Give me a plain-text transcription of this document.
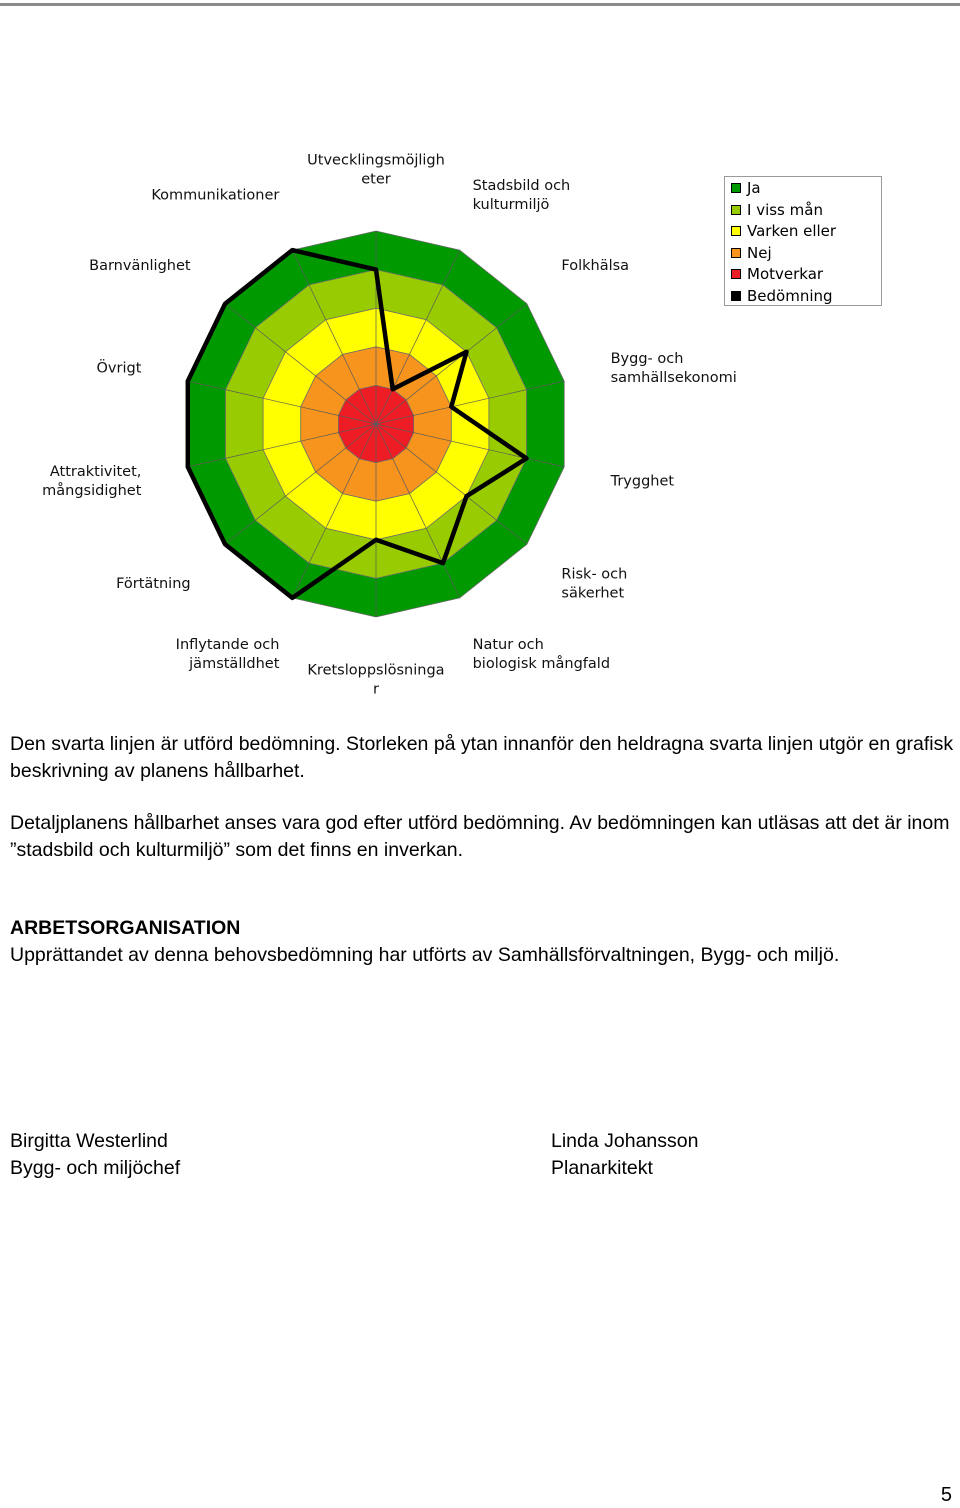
Utvecklingsmöjligh eter	Stadsbild och kulturmiljö
Folkhälsa
Bygg- och samhällsekonomi
Trygghet
Risk- och säkerhet
Natur och biologisk mångfald
Kretsloppslösninga r
Inflytande och jämställdhet
Förtätning
Attraktivitet, mångsidighet
Övrigt
Barnvänlighet
Kommunikationer	Ja
I viss mån
Varken eller
Nej
Motverkar
Bedömning
Den svarta linjen är utförd bedömning. Storleken på ytan innanför den heldragna svarta linjen utgör en grafisk beskrivning av planens hållbarhet.
Detaljplanens hållbarhet anses vara god efter utförd bedömning. Av bedömningen kan utläsas att det är inom ”stadsbild och kulturmiljö” som det finns en inverkan.
ARBETSORGANISATION
Upprättandet av denna behovsbedömning har utförts av Samhällsförvaltningen, Bygg- och miljö.
Birgitta Westerlind
Bygg- och miljöchef
Linda Johansson
Planarkitekt
5
